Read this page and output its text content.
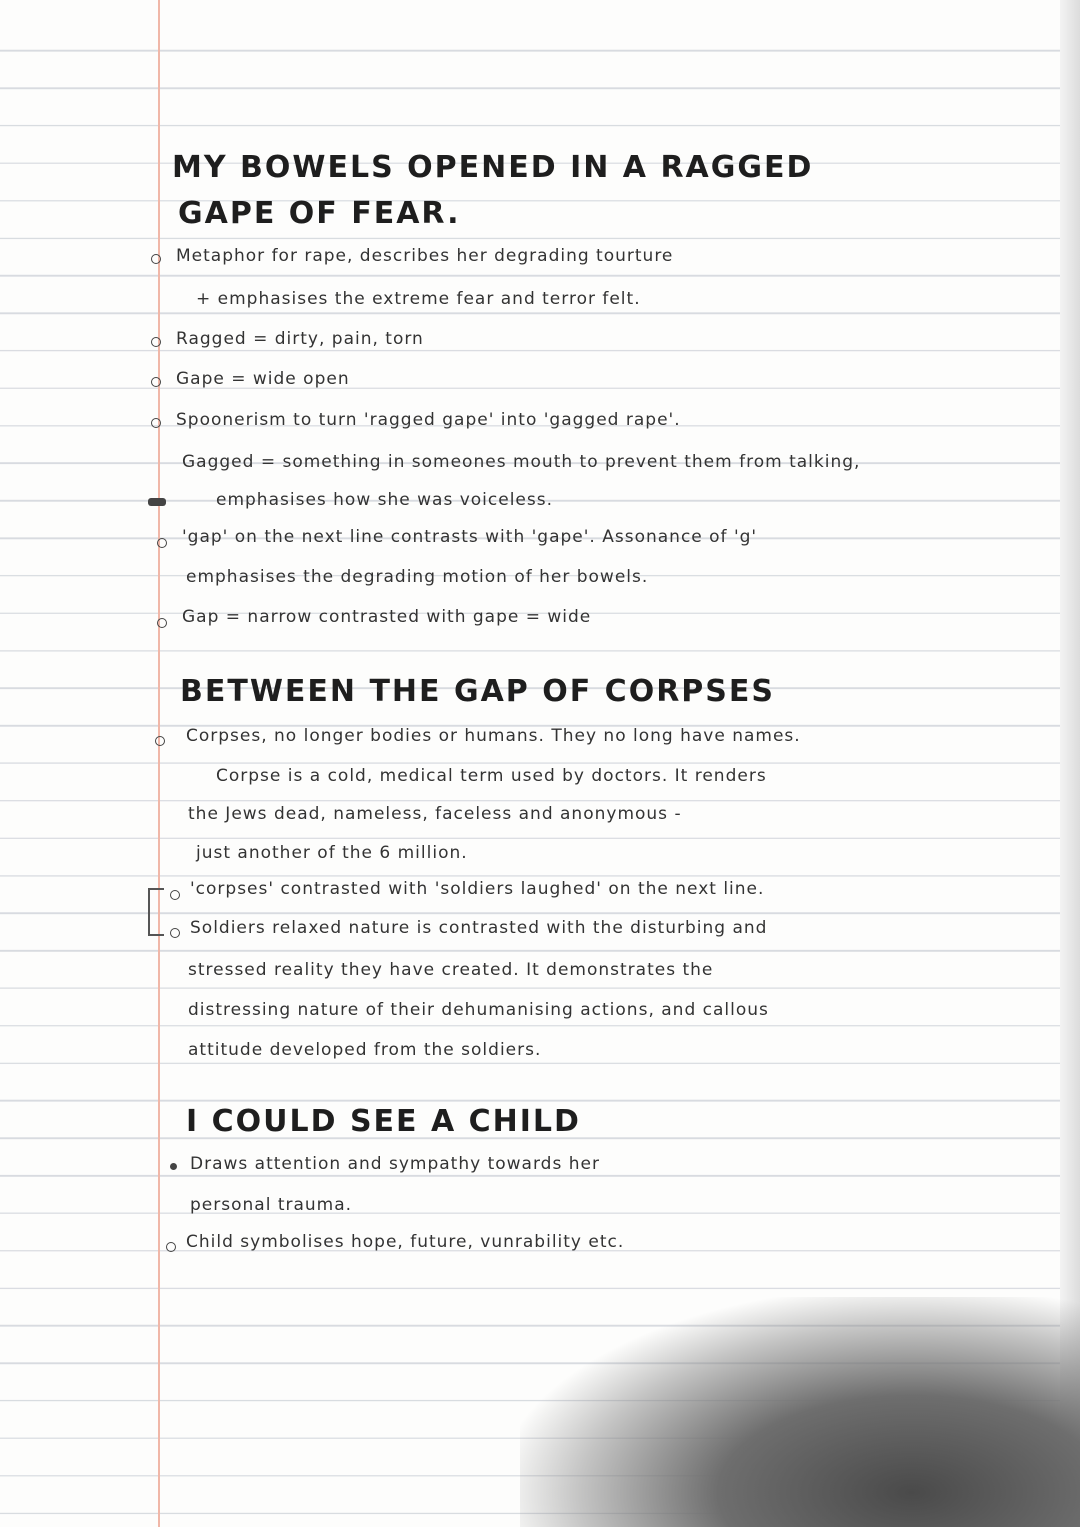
MY BOWELS OPENED IN A RAGGED
GAPE OF FEAR.
Metaphor for rape, describes her degrading tourture
+ emphasises the extreme fear and terror felt.
Ragged = dirty, pain, torn
Gape = wide open
Spoonerism to turn 'ragged gape' into 'gagged rape'.
Gagged = something in someones mouth to prevent them from talking,
emphasises how she was voiceless.
'gap' on the next line contrasts with 'gape'. Assonance of 'g'
emphasises the degrading motion of her bowels.
Gap = narrow contrasted with gape = wide
BETWEEN THE GAP OF CORPSES
Corpses, no longer bodies or humans. They no long have names.
Corpse is a cold, medical term used by doctors. It renders
the Jews dead, nameless, faceless and anonymous -
just another of the 6 million.
'corpses' contrasted with 'soldiers laughed' on the next line.
Soldiers relaxed nature is contrasted with the disturbing and
stressed reality they have created. It demonstrates the
distressing nature of their dehumanising actions, and callous
attitude developed from the soldiers.
I COULD SEE A CHILD
Draws attention and sympathy towards her
personal trauma.
Child symbolises hope, future, vunrability etc.
